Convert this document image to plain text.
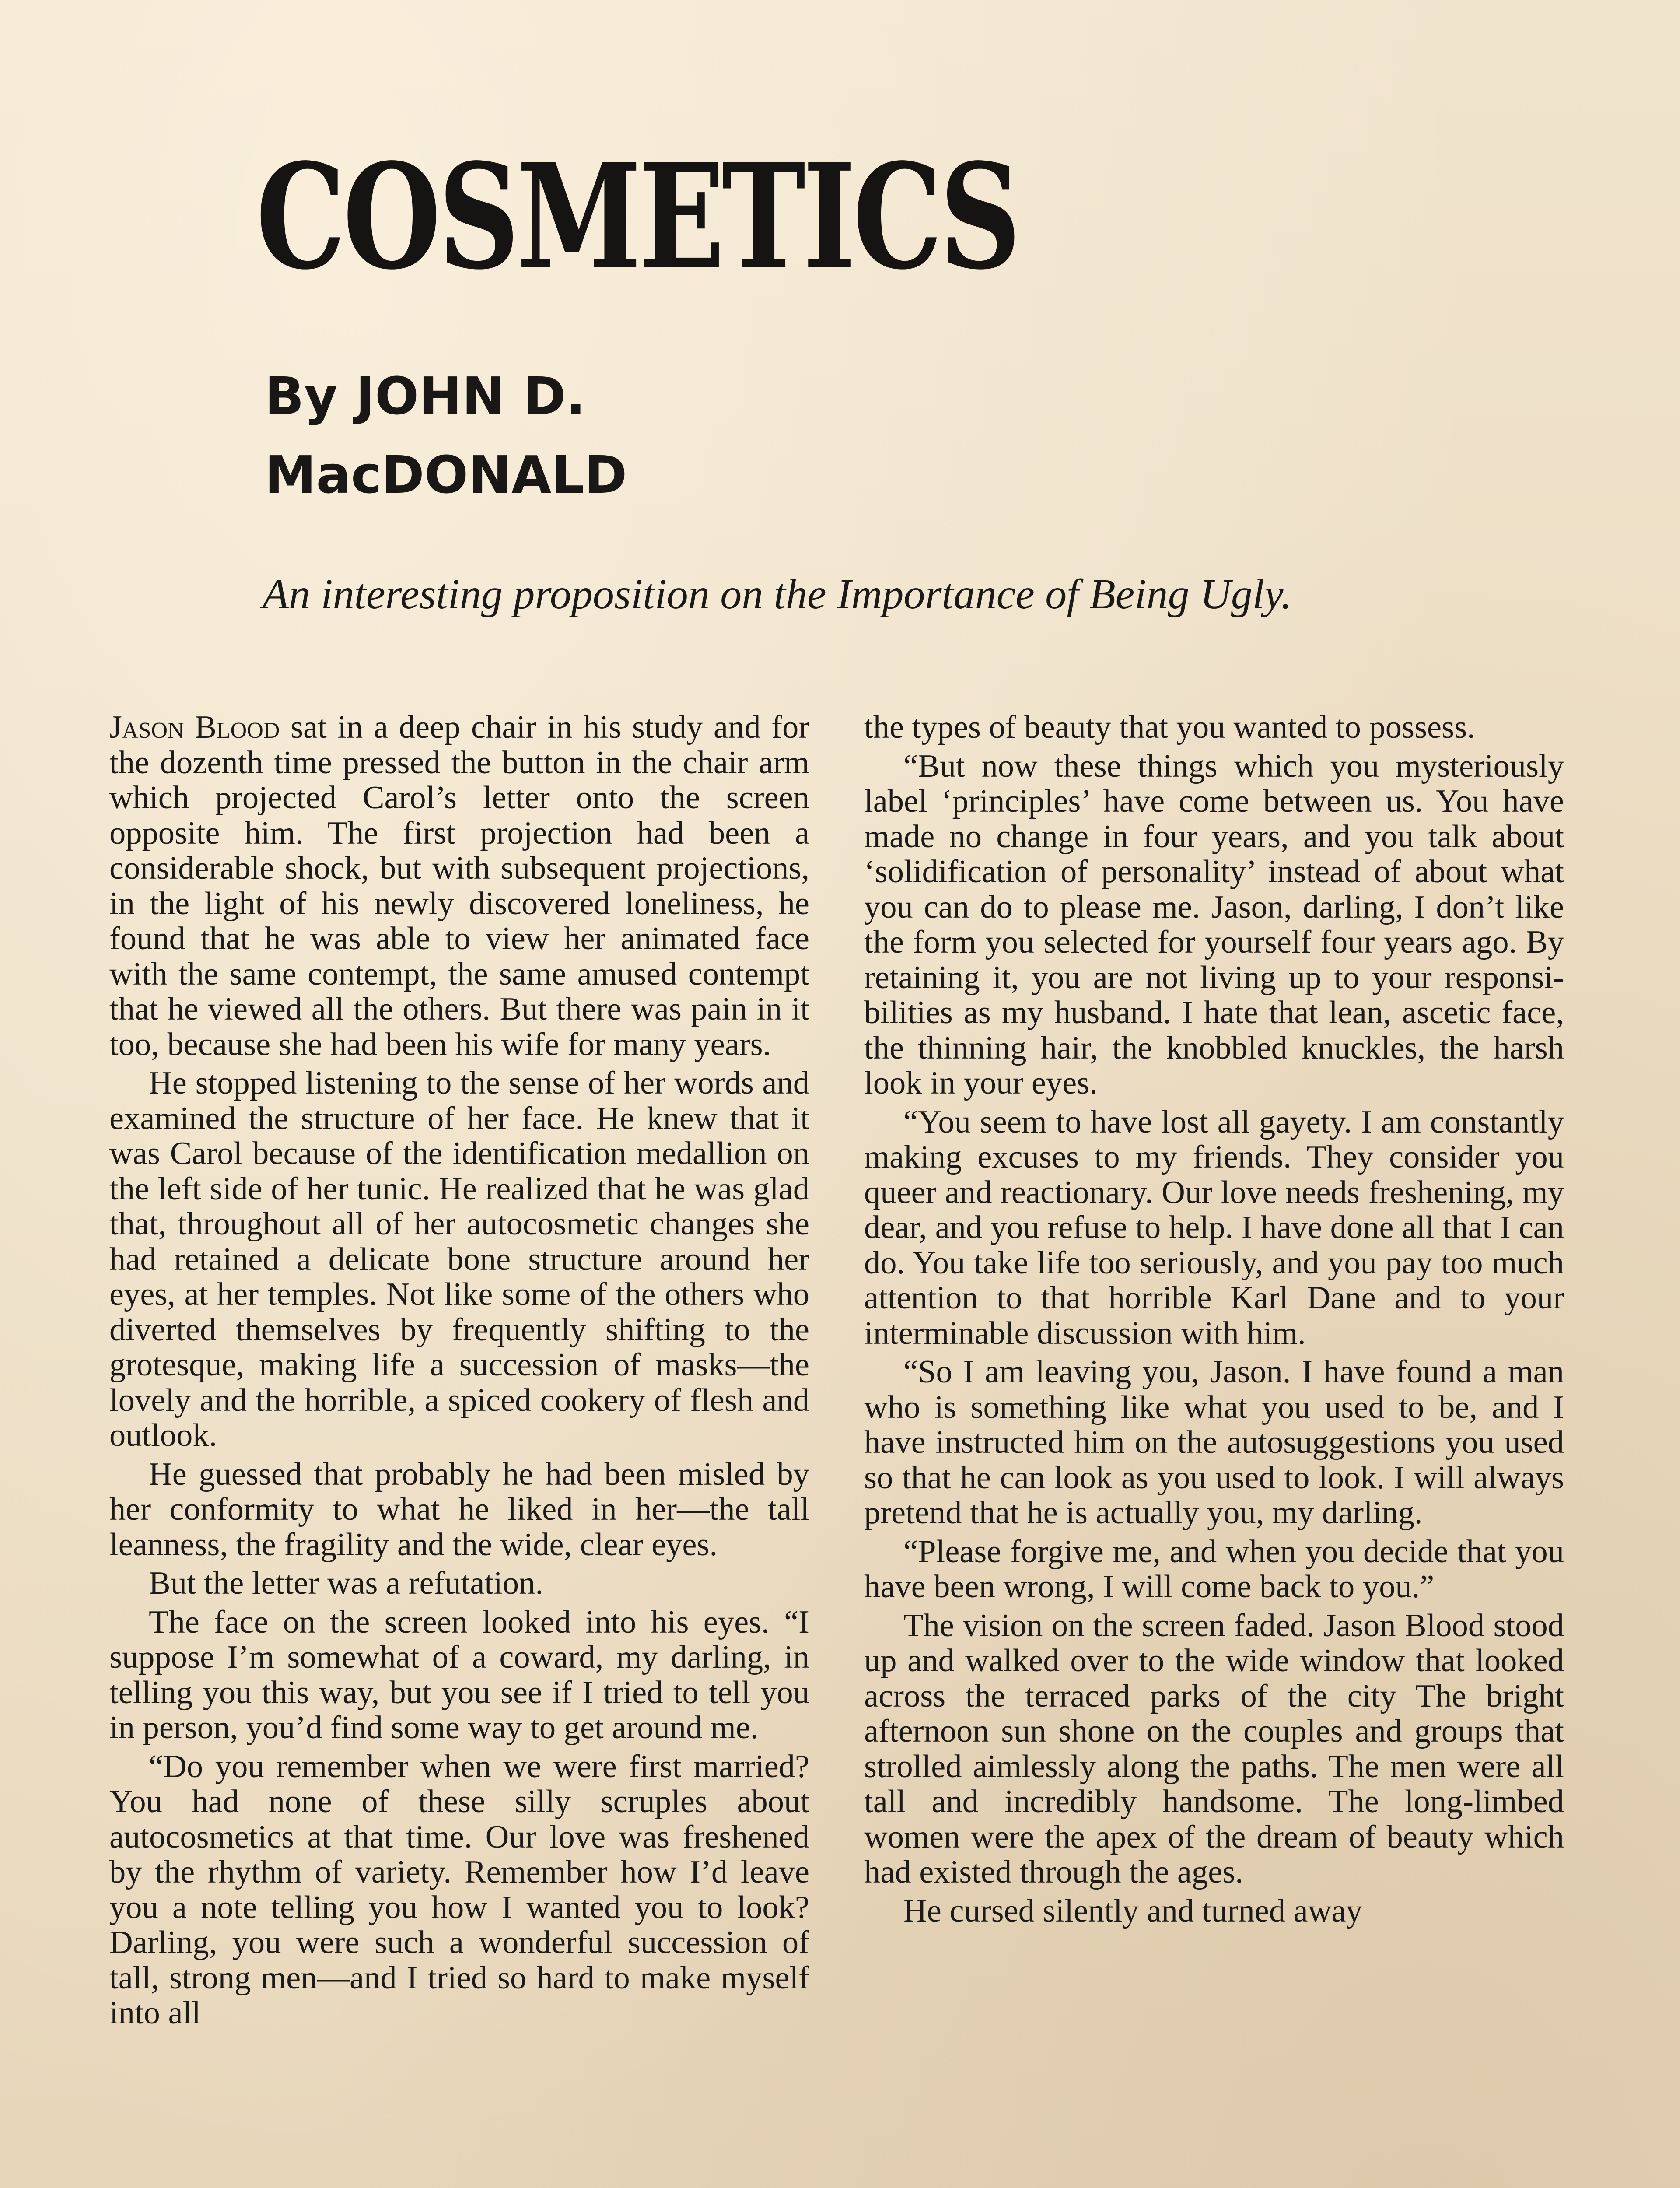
COSMETICS
By JOHN D.
MacDONALD
An interesting proposition on the Importance of Being Ugly.

Jason Blood sat in a deep chair in his study and for the dozenth time pressed the button in the chair arm which projected Carol’s letter onto the screen opposite him. The first projection had been a considerable shock, but with subsequent projections, in the light of his newly discovered loneliness, he found that he was able to view her animated face with the same contempt, the same amused contempt that he viewed all the others. But there was pain in it too, because she had been his wife for many years.

He stopped listening to the sense of her words and examined the structure of her face. He knew that it was Carol because of the identification medallion on the left side of her tunic. He realized that he was glad that, throughout all of her autocosmetic changes she had retained a delicate bone structure around her eyes, at her temples. Not like some of the others who diverted themselves by frequently shifting to the grotesque, making life a succession of masks—the lovely and the horrible, a spiced cookery of flesh and outlook.

He guessed that probably he had been misled by her conformity to what he liked in her—the tall leanness, the fragility and the wide, clear eyes.

But the letter was a refutation.

The face on the screen looked into his eyes. “I suppose I’m somewhat of a coward, my darling, in telling you this way, but you see if I tried to tell you in person, you’d find some way to get around me.

“Do you remember when we were first married? You had none of these silly scruples about autocosmetics at that time. Our love was freshened by the rhythm of variety. Remember how I’d leave you a note telling you how I wanted you to look? Darling, you were such a wonderful succession of tall, strong men—and I tried so hard to make myself into all

the types of beauty that you wanted to possess.

“But now these things which you mysteriously label ‘principles’ have come between us. You have made no change in four years, and you talk about ‘solidification of personality’ instead of about what you can do to please me. Jason, darling, I don’t like the form you selected for yourself four years ago. By retaining it, you are not living up to your responsibilities as my husband. I hate that lean, ascetic face, the thinning hair, the knobbled knuckles, the harsh look in your eyes.

“You seem to have lost all gayety. I am constantly making excuses to my friends. They consider you queer and reactionary. Our love needs freshening, my dear, and you refuse to help. I have done all that I can do. You take life too seriously, and you pay too much attention to that horrible Karl Dane and to your interminable discussion with him.

“So I am leaving you, Jason. I have found a man who is something like what you used to be, and I have instructed him on the autosuggestions you used so that he can look as you used to look. I will always pretend that he is actually you, my darling.

“Please forgive me, and when you decide that you have been wrong, I will come back to you.”

The vision on the screen faded. Jason Blood stood up and walked over to the wide window that looked across the terraced parks of the city The bright afternoon sun shone on the couples and groups that strolled aimlessly along the paths. The men were all tall and incredibly handsome. The long-limbed women were the apex of the dream of beauty which had existed through the ages.

He cursed silently and turned away
